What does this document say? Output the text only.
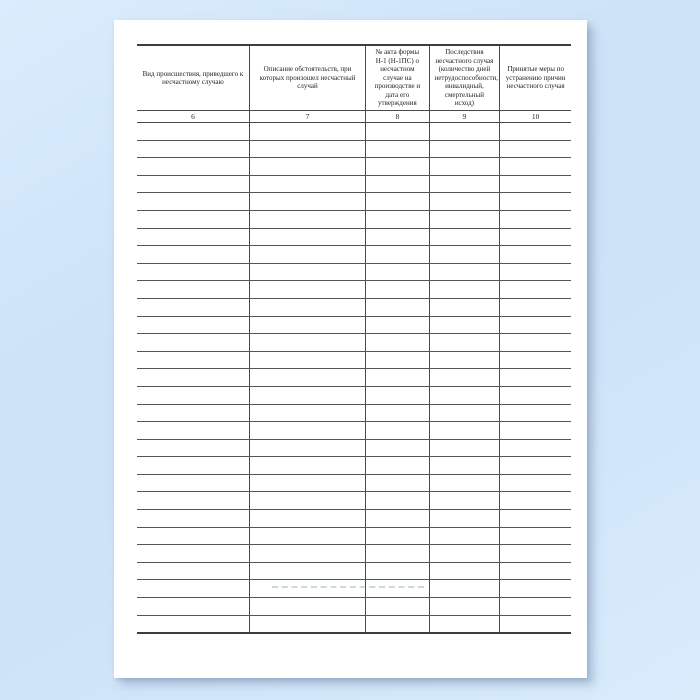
Вид происшествия, приведшего к несчастному случаю	Описание обстоятельств, при которых произошел несчастный случай	№ акта формы Н-1 (Н-1ПС) о несчастном случае на производстве и дата его утверждения	Последствия несчастного случая (количество дней нетрудоспособности, инвалидный, смертельный исход)	Принятые меры по устранению причин несчастного случая
6	7	8	9	10
